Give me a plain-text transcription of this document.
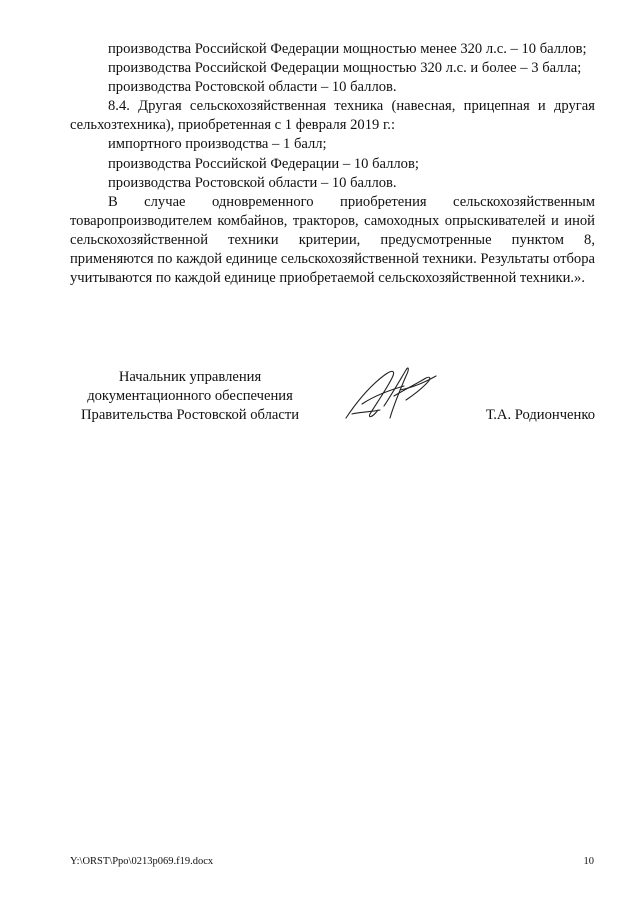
производства Российской Федерации мощностью менее 320 л.с. – 10 баллов;

производства Российской Федерации мощностью 320 л.с. и более – 3 балла;

производства Ростовской области – 10 баллов.

8.4. Другая сельскохозяйственная техника (навесная, прицепная и другая сельхозтехника), приобретенная с 1 февраля 2019 г.:

импортного производства – 1 балл;

производства Российской Федерации – 10 баллов;

производства Ростовской области – 10 баллов.

В случае одновременного приобретения сельскохозяйственным товаропроизводителем комбайнов, тракторов, самоходных опрыскивателей и иной сельскохозяйственной техники критерии, предусмотренные пунктом 8, применяются по каждой единице сельскохозяйственной техники. Результаты отбора учитываются по каждой единице приобретаемой сельскохозяйственной техники.».

Начальник управления
документационного обеспечения
Правительства Ростовской области	Т.А. Родионченко
Y:\ORST\Ppo\0213p069.f19.docx	10
